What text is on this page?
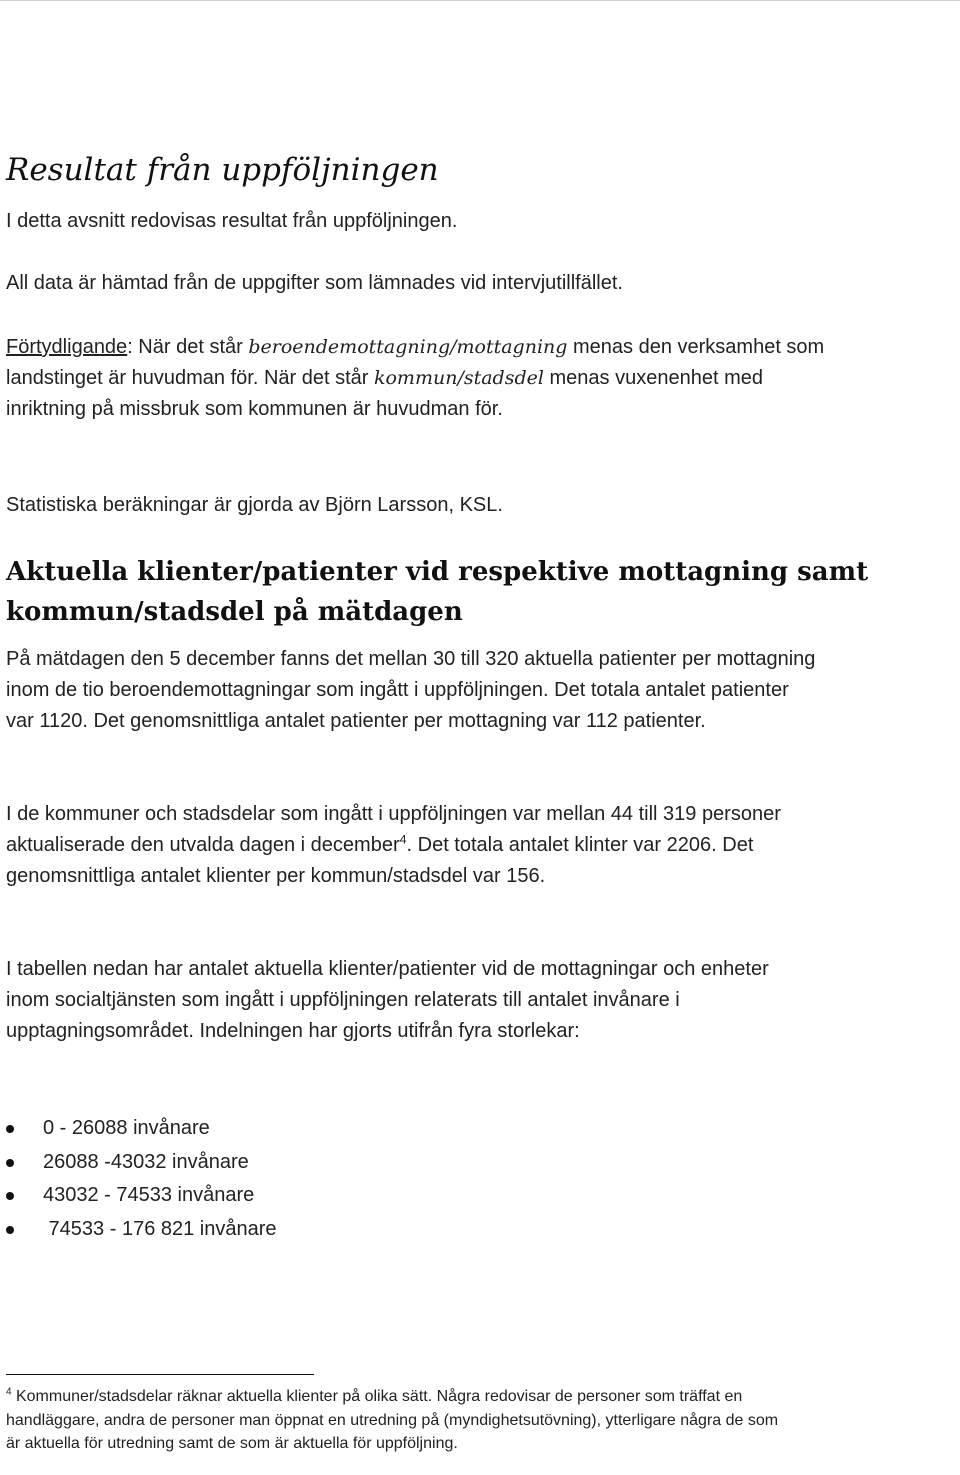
Resultat från uppföljningen

I detta avsnitt redovisas resultat från uppföljningen.

All data är hämtad från de uppgifter som lämnades vid intervjutillfället.

Förtydligande: När det står beroendemottagning/mottagning menas den verksamhet som landstinget är huvudman för. När det står kommun/stadsdel menas vuxenenhet med inriktning på missbruk som kommunen är huvudman för.

Statistiska beräkningar är gjorda av Björn Larsson, KSL.

Aktuella klienter/patienter vid respektive mottagning samt kommun/stadsdel på mätdagen

På mätdagen den 5 december fanns det mellan 30 till 320 aktuella patienter per mottagning inom de tio beroendemottagningar som ingått i uppföljningen. Det totala antalet patienter var 1120. Det genomsnittliga antalet patienter per mottagning var 112 patienter.

I de kommuner och stadsdelar som ingått i uppföljningen var mellan 44 till 319 personer aktualiserade den utvalda dagen i december$^4$. Det totala antalet klinter var 2206. Det genomsnittliga antalet klienter per kommun/stadsdel var 156.

I tabellen nedan har antalet aktuella klienter/patienter vid de mottagningar och enheter inom socialtjänsten som ingått i uppföljningen relaterats till antalet invånare i upptagningsområdet. Indelningen har gjorts utifrån fyra storlekar:

0 - 26088 invånare
26088 -43032 invånare
43032 - 74533 invånare
74533 - 176 821 invånare

$^4$ Kommuner/stadsdelar räknar aktuella klienter på olika sätt. Några redovisar de personer som träffat en handläggare, andra de personer man öppnat en utredning på (myndighetsutövning), ytterligare några de som är aktuella för utredning samt de som är aktuella för uppföljning.
